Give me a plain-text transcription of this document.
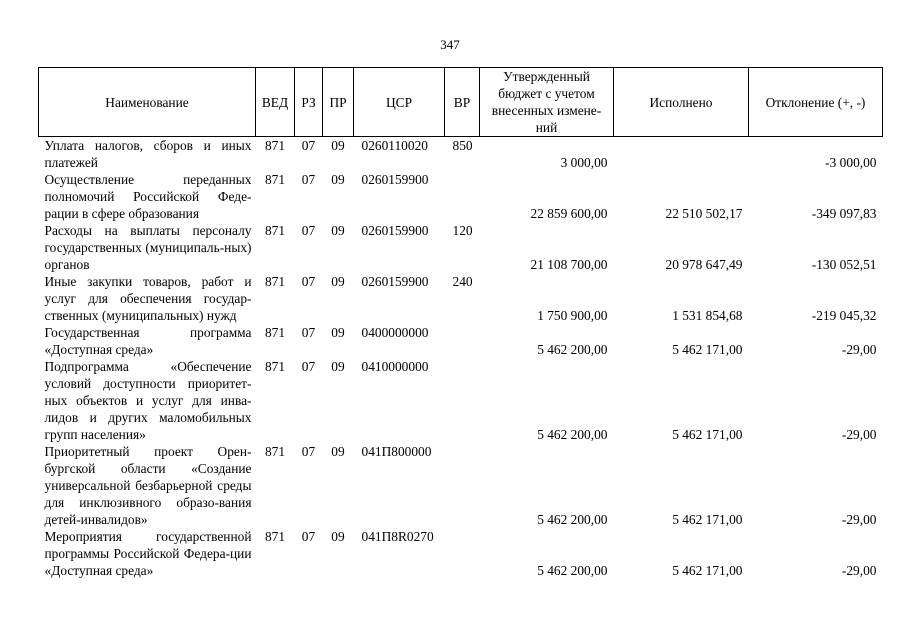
347
Наименование	ВЕД	РЗ	ПР	ЦСР	ВР	Утвержденный бюджет с учетом внесенных измене-ний	Исполнено	Отклонение (+, -)
Уплата налогов, сборов и иных платежей	871	07	09	0260110020	850	3 000,00		-3 000,00
Осуществление переданных полномочий Российской Феде-рации в сфере образования	871	07	09	0260159900		22 859 600,00	22 510 502,17	-349 097,83
Расходы на выплаты персоналу государственных (муниципаль-ных) органов	871	07	09	0260159900	120	21 108 700,00	20 978 647,49	-130 052,51
Иные закупки товаров, работ и услуг для обеспечения государ-ственных (муниципальных) нужд	871	07	09	0260159900	240	1 750 900,00	1 531 854,68	-219 045,32
Государственная программа «Доступная среда»	871	07	09	0400000000		5 462 200,00	5 462 171,00	-29,00
Подпрограмма «Обеспечение условий доступности приоритет-ных объектов и услуг для инва-лидов и других маломобильных групп населения»	871	07	09	0410000000		5 462 200,00	5 462 171,00	-29,00
Приоритетный проект Орен-бургской области «Создание универсальной безбарьерной среды для инклюзивного образо-вания детей-инвалидов»	871	07	09	041П800000		5 462 200,00	5 462 171,00	-29,00
Мероприятия государственной программы Российской Федера-ции «Доступная среда»	871	07	09	041П8R0270		5 462 200,00	5 462 171,00	-29,00
